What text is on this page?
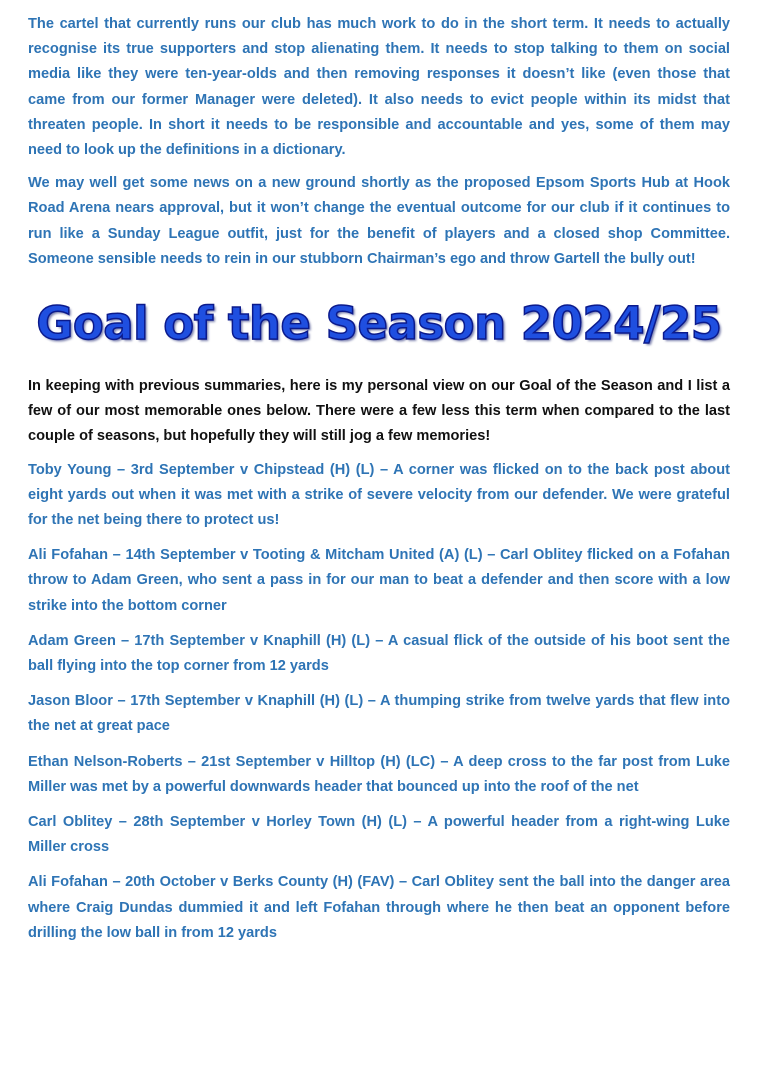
The cartel that currently runs our club has much work to do in the short term. It needs to actually recognise its true supporters and stop alienating them. It needs to stop talking to them on social media like they were ten-year-olds and then removing responses it doesn’t like (even those that came from our former Manager were deleted). It also needs to evict people within its midst that threaten people. In short it needs to be responsible and accountable and yes, some of them may need to look up the definitions in a dictionary.

We may well get some news on a new ground shortly as the proposed Epsom Sports Hub at Hook Road Arena nears approval, but it won’t change the eventual outcome for our club if it continues to run like a Sunday League outfit, just for the benefit of players and a closed shop Committee. Someone sensible needs to rein in our stubborn Chairman’s ego and throw Gartell the bully out!

Goal of the Season 2024/25

In keeping with previous summaries, here is my personal view on our Goal of the Season and I list a few of our most memorable ones below. There were a few less this term when compared to the last couple of seasons, but hopefully they will still jog a few memories!

Toby Young – 3rd September v Chipstead (H) (L) – A corner was flicked on to the back post about eight yards out when it was met with a strike of severe velocity from our defender. We were grateful for the net being there to protect us!
Ali Fofahan – 14th September v Tooting & Mitcham United (A) (L) – Carl Oblitey flicked on a Fofahan throw to Adam Green, who sent a pass in for our man to beat a defender and then score with a low strike into the bottom corner
Adam Green – 17th September v Knaphill (H) (L) – A casual flick of the outside of his boot sent the ball flying into the top corner from 12 yards
Jason Bloor – 17th September v Knaphill (H) (L) – A thumping strike from twelve yards that flew into the net at great pace
Ethan Nelson-Roberts – 21st September v Hilltop (H) (LC) – A deep cross to the far post from Luke Miller was met by a powerful downwards header that bounced up into the roof of the net
Carl Oblitey – 28th September v Horley Town (H) (L) – A powerful header from a right-wing Luke Miller cross
Ali Fofahan – 20th October v Berks County (H) (FAV) – Carl Oblitey sent the ball into the danger area where Craig Dundas dummied it and left Fofahan through where he then beat an opponent before drilling the low ball in from 12 yards
